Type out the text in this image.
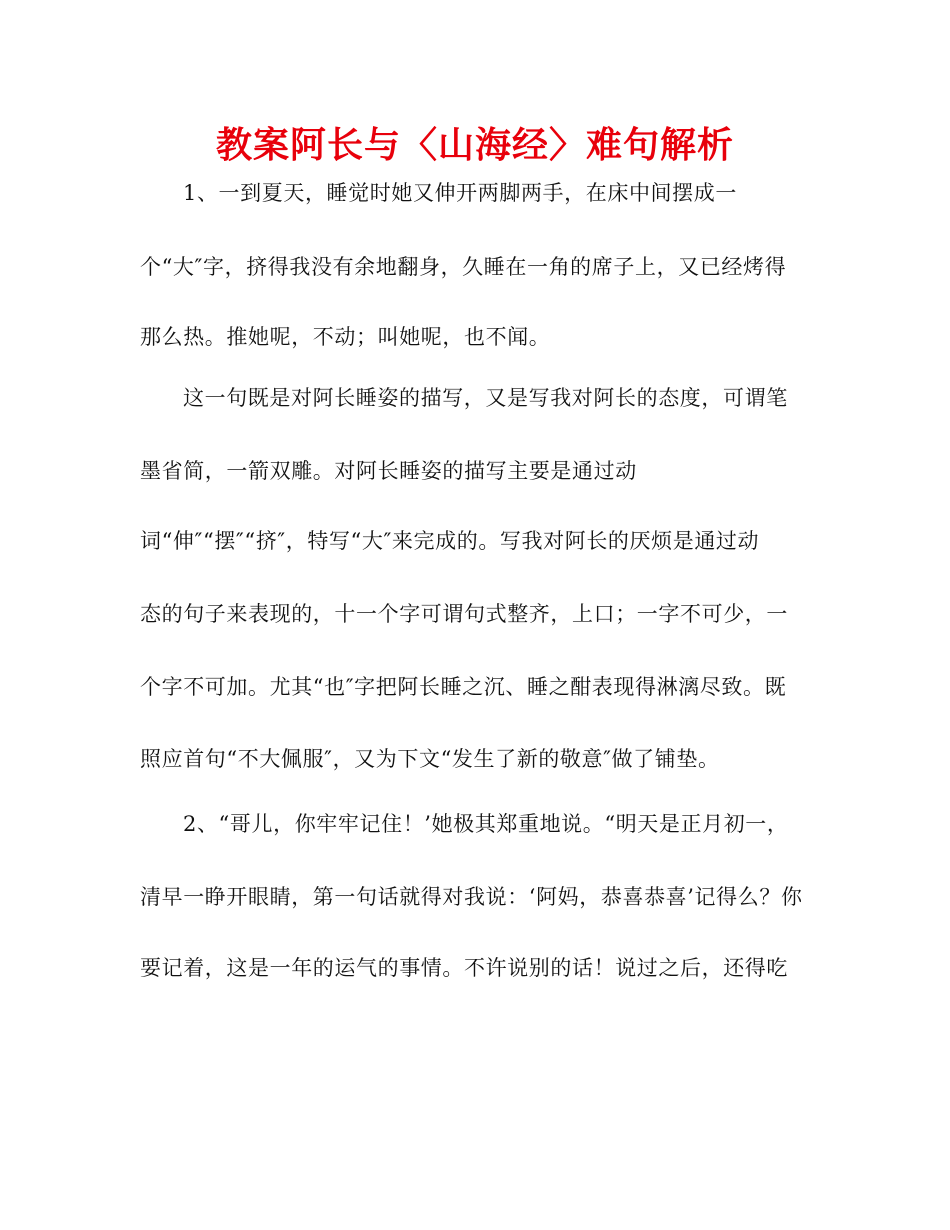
教案阿长与〈山海经〉难句解析
1、一到夏天，睡觉时她又伸开两脚两手，在床中间摆成一
个“大″字，挤得我没有余地翻身，久睡在一角的席子上，又已经烤得
那么热。推她呢，不动；叫她呢，也不闻。
这一句既是对阿长睡姿的描写，又是写我对阿长的态度，可谓笔
墨省简，一箭双雕。对阿长睡姿的描写主要是通过动
词“伸″“摆″“挤″，特写“大″来完成的。写我对阿长的厌烦是通过动
态的句子来表现的，十一个字可谓句式整齐，上口；一字不可少，一
个字不可加。尤其“也″字把阿长睡之沉、睡之酣表现得淋漓尽致。既
照应首句“不大佩服″，又为下文“发生了新的敬意″做了铺垫。
2、“哥儿，你牢牢记住！’她极其郑重地说。“明天是正月初一，
清早一睁开眼睛，第一句话就得对我说：‘阿妈，恭喜恭喜’记得么？你
要记着，这是一年的运气的事情。不许说别的话！说过之后，还得吃
